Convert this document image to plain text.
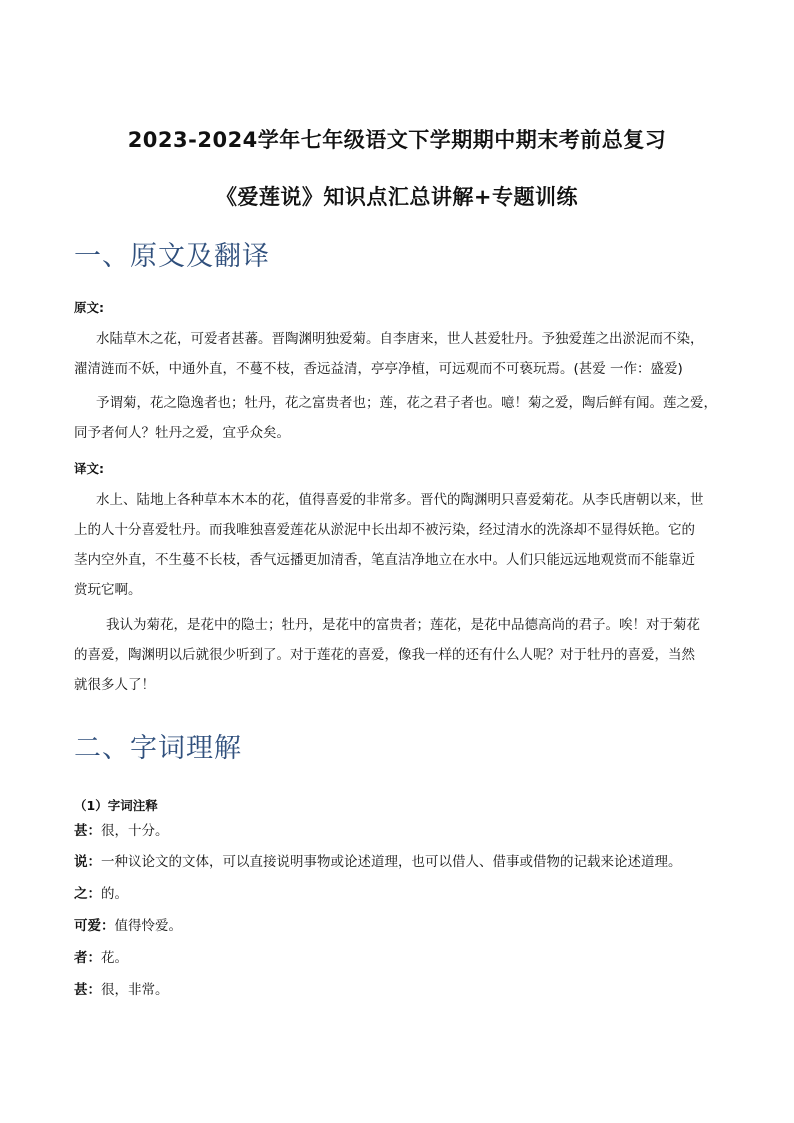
2023-2024学年七年级语文下学期期中期末考前总复习
《爱莲说》知识点汇总讲解+专题训练
一、原文及翻译
原文:
水陆草木之花，可爱者甚蕃。晋陶渊明独爱菊。自李唐来，世人甚爱牡丹。予独爱莲之出淤泥而不染，
濯清涟而不妖，中通外直，不蔓不枝，香远益清，亭亭净植，可远观而不可亵玩焉。(甚爱 一作：盛爱)
予谓菊，花之隐逸者也；牡丹，花之富贵者也；莲，花之君子者也。噫！菊之爱，陶后鲜有闻。莲之爱，
同予者何人？牡丹之爱，宜乎众矣。
译文:
水上、陆地上各种草本木本的花，值得喜爱的非常多。晋代的陶渊明只喜爱菊花。从李氏唐朝以来，世
上的人十分喜爱牡丹。而我唯独喜爱莲花从淤泥中长出却不被污染，经过清水的洗涤却不显得妖艳。它的
茎内空外直，不生蔓不长枝，香气远播更加清香，笔直洁净地立在水中。人们只能远远地观赏而不能靠近
赏玩它啊。
我认为菊花，是花中的隐士；牡丹，是花中的富贵者；莲花，是花中品德高尚的君子。唉！对于菊花
的喜爱，陶渊明以后就很少听到了。对于莲花的喜爱，像我一样的还有什么人呢？对于牡丹的喜爱，当然
就很多人了！
二、字词理解
（1）字词注释
甚：很，十分。
说：一种议论文的文体，可以直接说明事物或论述道理，也可以借人、借事或借物的记载来论述道理。
之：的。
可爱：值得怜爱。
者：花。
甚：很，非常。
